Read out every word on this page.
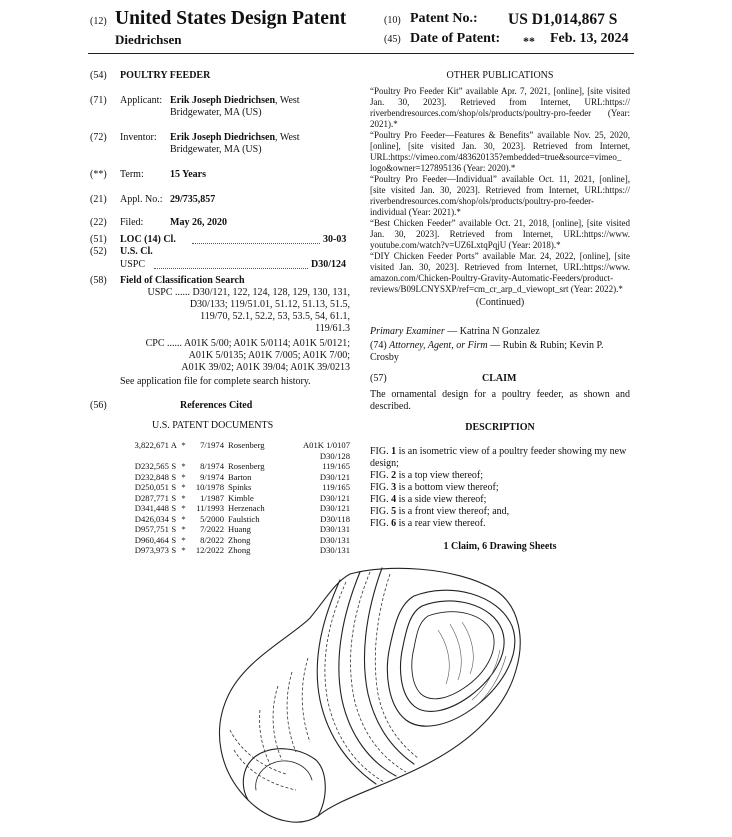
(12) United States Design Patent	(10) Patent No.: US D1,014,867 S
Diedrichsen	(45) Date of Patent: ** Feb. 13, 2024
(54) POULTRY FEEDER
(71) Applicant: Erik Joseph Diedrichsen, West
Bridgewater, MA (US)
(72) Inventor: Erik Joseph Diedrichsen, West
Bridgewater, MA (US)
(**) Term:	15 Years
(21) Appl. No.: 29/735,857
(22) Filed:	May 26, 2020
(51) LOC (14) Cl.	30-03
(52) U.S. Cl.
USPC	D30/124
(58) Field of Classification Search
USPC ...... D30/121, 122, 124, 128, 129, 130, 131,
D30/133; 119/51.01, 51.12, 51.13, 51.5,
119/70, 52.1, 52.2, 53, 53.5, 54, 61.1,
119/61.3
CPC ...... A01K 5/00; A01K 5/0114; A01K 5/0121;
A01K 5/0135; A01K 7/005; A01K 7/00;
A01K 39/02; A01K 39/04; A01K 39/0213
See application file for complete search history.
(56)	References Cited
U.S. PATENT DOCUMENTS
3,822,671	A	*	7/1974	Rosenberg	A01K 1/0107
D30/128					
D232,565	S	*	8/1974	Rosenberg	119/165
D232,848	S	*	9/1974	Barton	D30/121
D250,051	S	*	10/1978	Spinks	119/165
D287,771	S	*	1/1987	Kimble	D30/121
D341,448	S	*	11/1993	Herzenach	D30/121
D426,034	S	*	5/2000	Faulstich	D30/118
D957,751	S	*	7/2022	Huang	D30/131
D960,464	S	*	8/2022	Zhong	D30/131
D973,973	S	*	12/2022	Zhong	D30/131
OTHER PUBLICATIONS
“Poultry Pro Feeder Kit” available Apr. 7, 2021, [online], [site visited Jan. 30, 2023]. Retrieved from Internet, URL:https:// riverbendresources.com/shop/ols/products/poultry-pro-feeder (Year: 2021).*
“Poultry Pro Feeder—Features & Benefits” available Nov. 25, 2020, [online], [site visited Jan. 30, 2023]. Retrieved from Internet, URL:https://vimeo.com/483620135?embedded=true&source=vimeo_ logo&owner=127895136 (Year: 2020).*
“Poultry Pro Feeder—Individual” available Oct. 11, 2021, [online], [site visited Jan. 30, 2023]. Retrieved from Internet, URL:https:// riverbendresources.com/shop/ols/products/poultry-pro-feeder-individual (Year: 2021).*
“Best Chicken Feeder” available Oct. 21, 2018, [online], [site visited Jan. 30, 2023]. Retrieved from Internet, URL:https://www. youtube.com/watch?v=UZ6LxtqPqjU (Year: 2018).*
“DIY Chicken Feeder Ports” available Mar. 24, 2022, [online], [site visited Jan. 30, 2023]. Retrieved from Internet, URL:https://www. amazon.com/Chicken-Poultry-Gravity-Automatic-Feeders/product-reviews/B09LCNYSXP/ref=cm_cr_arp_d_viewopt_srt (Year: 2022).*
(Continued)
Primary Examiner — Katrina N Gonzalez
(74) Attorney, Agent, or Firm — Rubin & Rubin; Kevin P. Crosby
(57)	CLAIM
The ornamental design for a poultry feeder, as shown and described.
DESCRIPTION
FIG. 1 is an isometric view of a poultry feeder showing my new design;
FIG. 2 is a top view thereof;
FIG. 3 is a bottom view thereof;
FIG. 4 is a side view thereof;
FIG. 5 is a front view thereof; and,
FIG. 6 is a rear view thereof.
1 Claim, 6 Drawing Sheets
